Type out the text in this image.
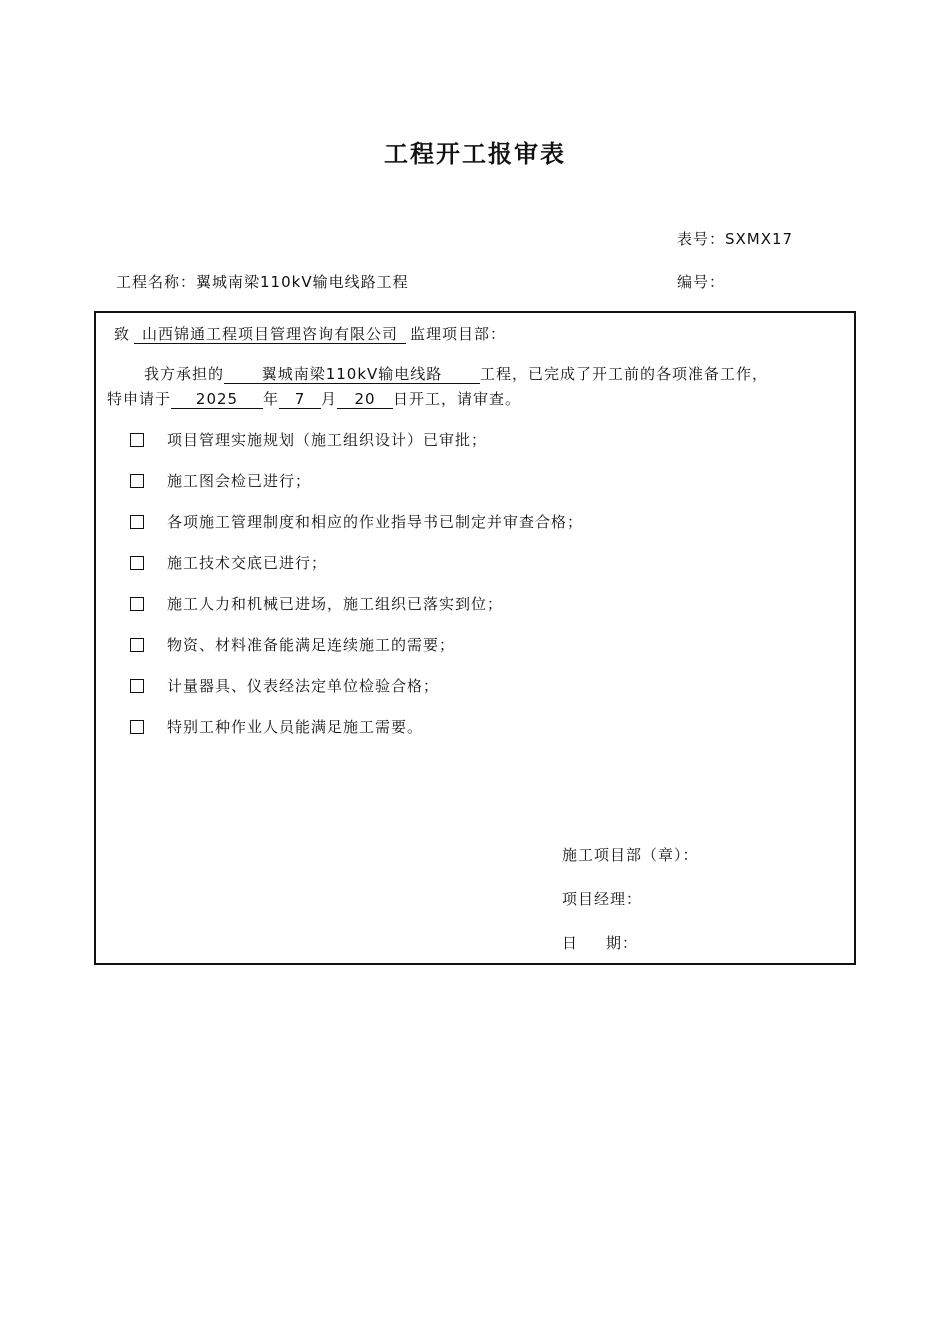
工程开工报审表
表号：SXMX17
工程名称：翼城南梁110kV输电线路工程	编号：
致 山西锦通工程项目管理咨询有限公司 监理项目部：
我方承担的	翼城南梁110kV输电线路	工程，已完成了开工前的各项准备工作，
特申请于 2025 年 7 月 20 日开工，请审查。
项目管理实施规划（施工组织设计）已审批；
施工图会检已进行；
各项施工管理制度和相应的作业指导书已制定并审查合格；
施工技术交底已进行；
施工人力和机械已进场，施工组织已落实到位；
物资、材料准备能满足连续施工的需要；
计量器具、仪表经法定单位检验合格；
特别工种作业人员能满足施工需要。
施工项目部（章）：
项目经理：
日 期：
